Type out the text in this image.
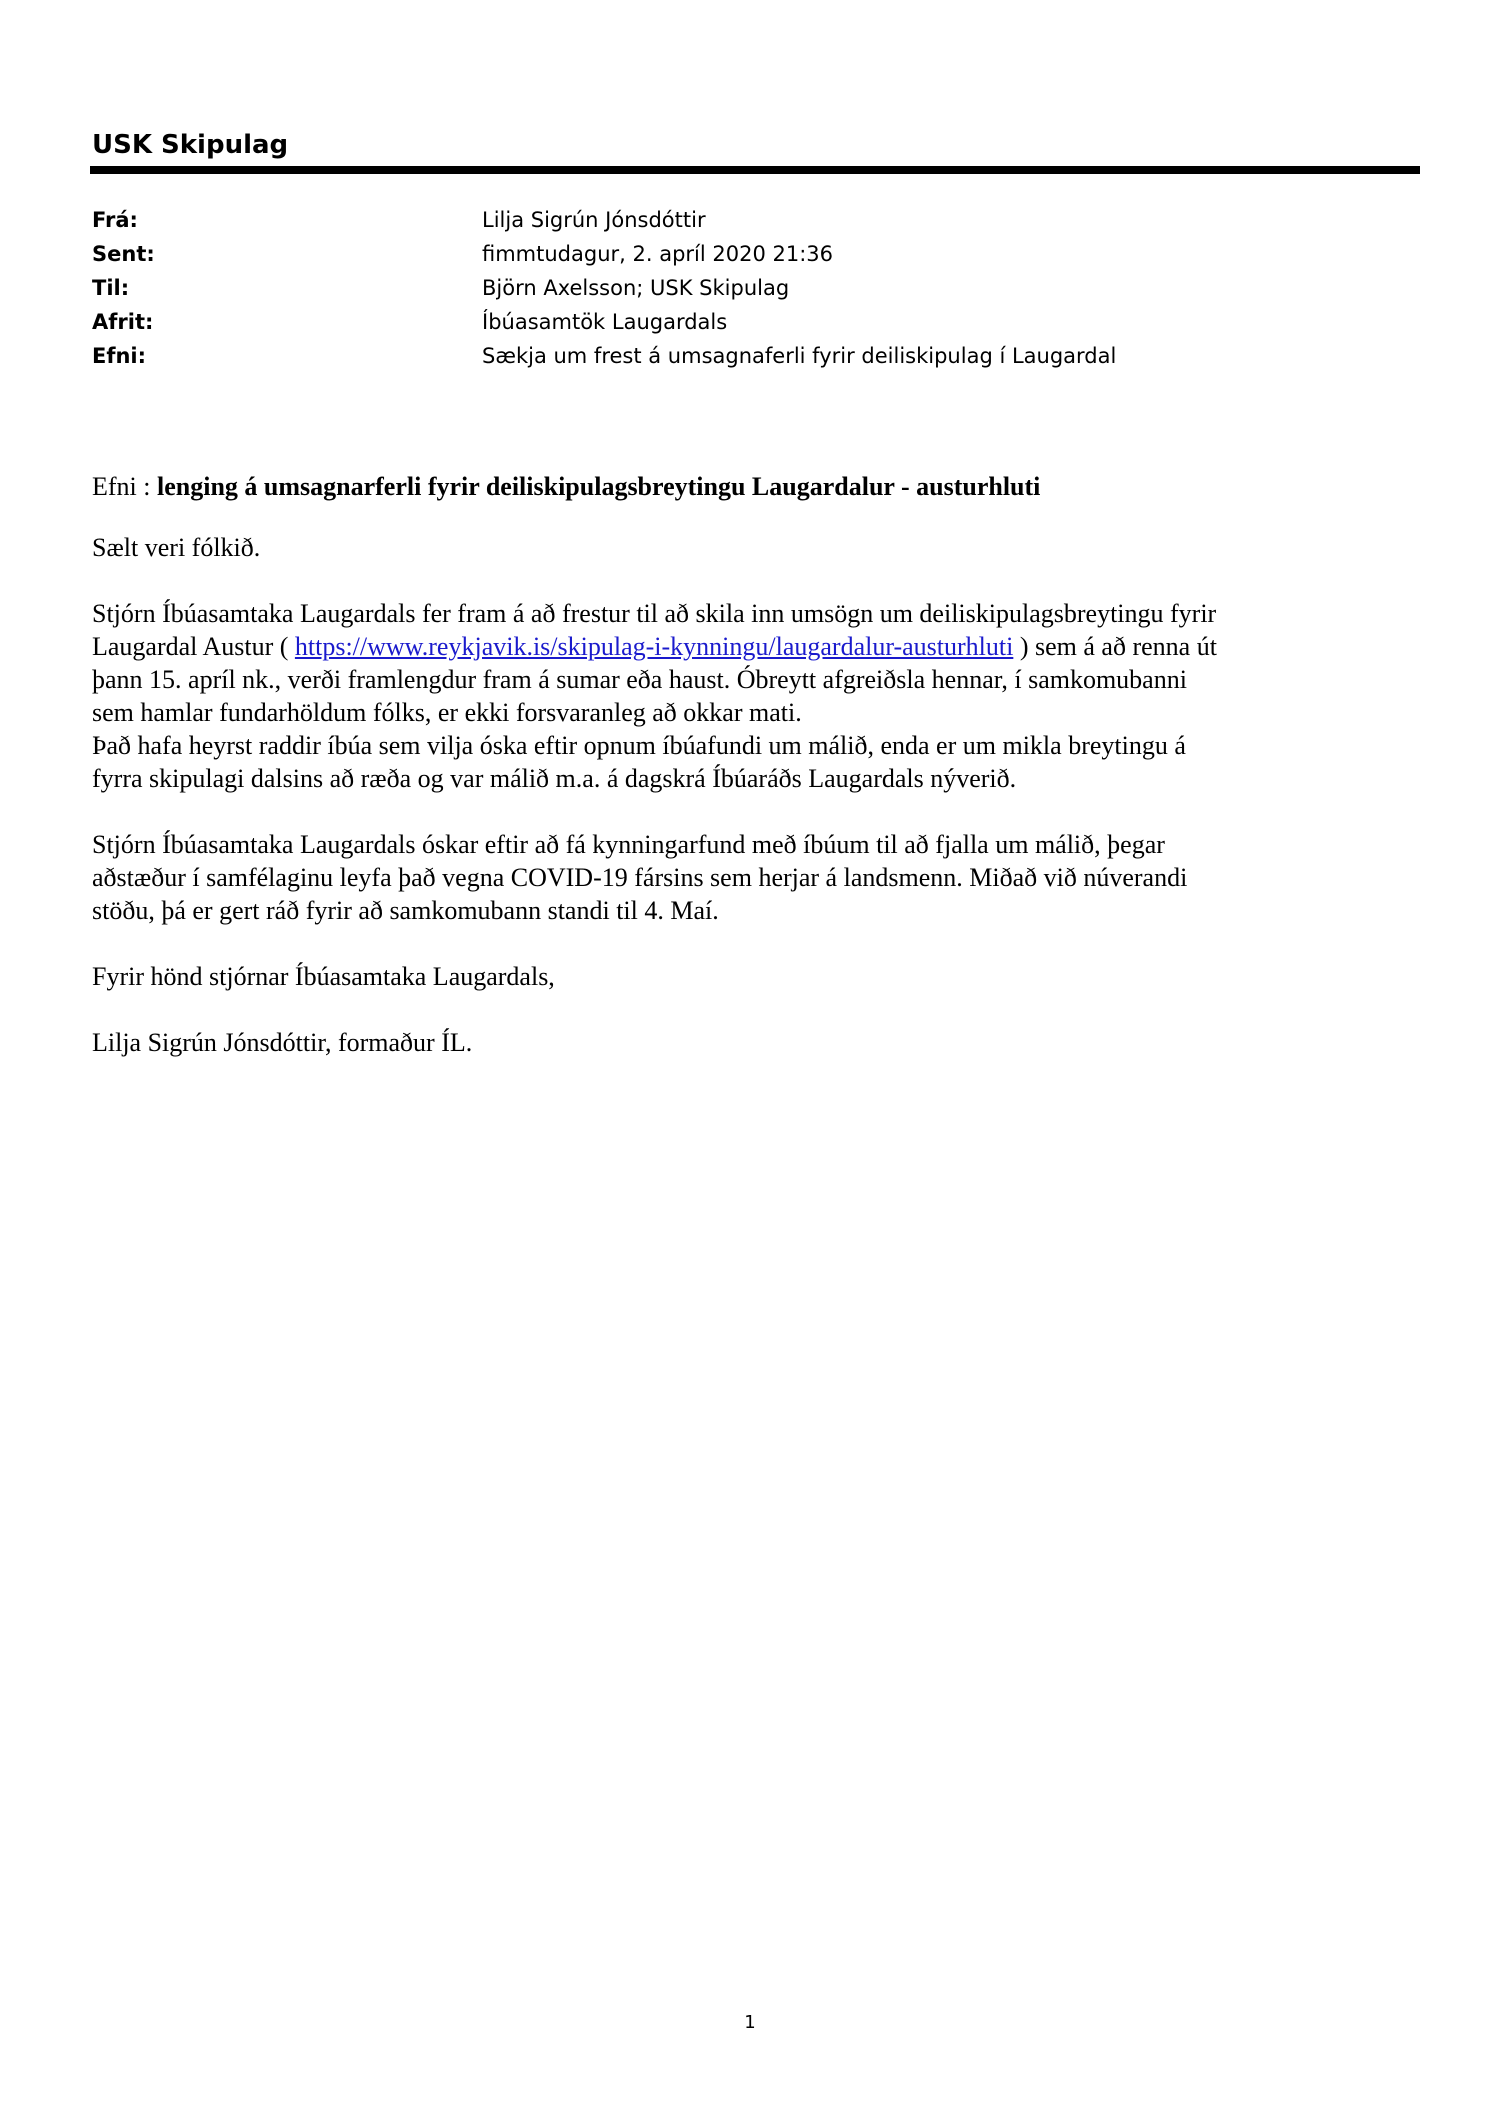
USK Skipulag
Frá:	Lilja Sigrún Jónsdóttir
Sent:	fimmtudagur, 2. apríl 2020 21:36
Til:	Björn Axelsson; USK Skipulag
Afrit:	Íbúasamtök Laugardals
Efni:	Sækja um frest á umsagnaferli fyrir deiliskipulag í Laugardal

Efni : lenging á umsagnarferli fyrir deiliskipulagsbreytingu Laugardalur - austurhluti

Sælt veri fólkið.

Stjórn Íbúasamtaka Laugardals fer fram á að frestur til að skila inn umsögn um deiliskipulagsbreytingu fyrir
Laugardal Austur ( https://www.reykjavik.is/skipulag-i-kynningu/laugardalur-austurhluti ) sem á að renna út
þann 15. apríl nk., verði framlengdur fram á sumar eða haust. Óbreytt afgreiðsla hennar, í samkomubanni
sem hamlar fundarhöldum fólks, er ekki forsvaranleg að okkar mati.
Það hafa heyrst raddir íbúa sem vilja óska eftir opnum íbúafundi um málið, enda er um mikla breytingu á
fyrra skipulagi dalsins að ræða og var málið m.a. á dagskrá Íbúaráðs Laugardals nýverið.

Stjórn Íbúasamtaka Laugardals óskar eftir að fá kynningarfund með íbúum til að fjalla um málið, þegar
aðstæður í samfélaginu leyfa það vegna COVID-19 fársins sem herjar á landsmenn. Miðað við núverandi
stöðu, þá er gert ráð fyrir að samkomubann standi til 4. Maí.

Fyrir hönd stjórnar Íbúasamtaka Laugardals,

Lilja Sigrún Jónsdóttir, formaður ÍL.

1
